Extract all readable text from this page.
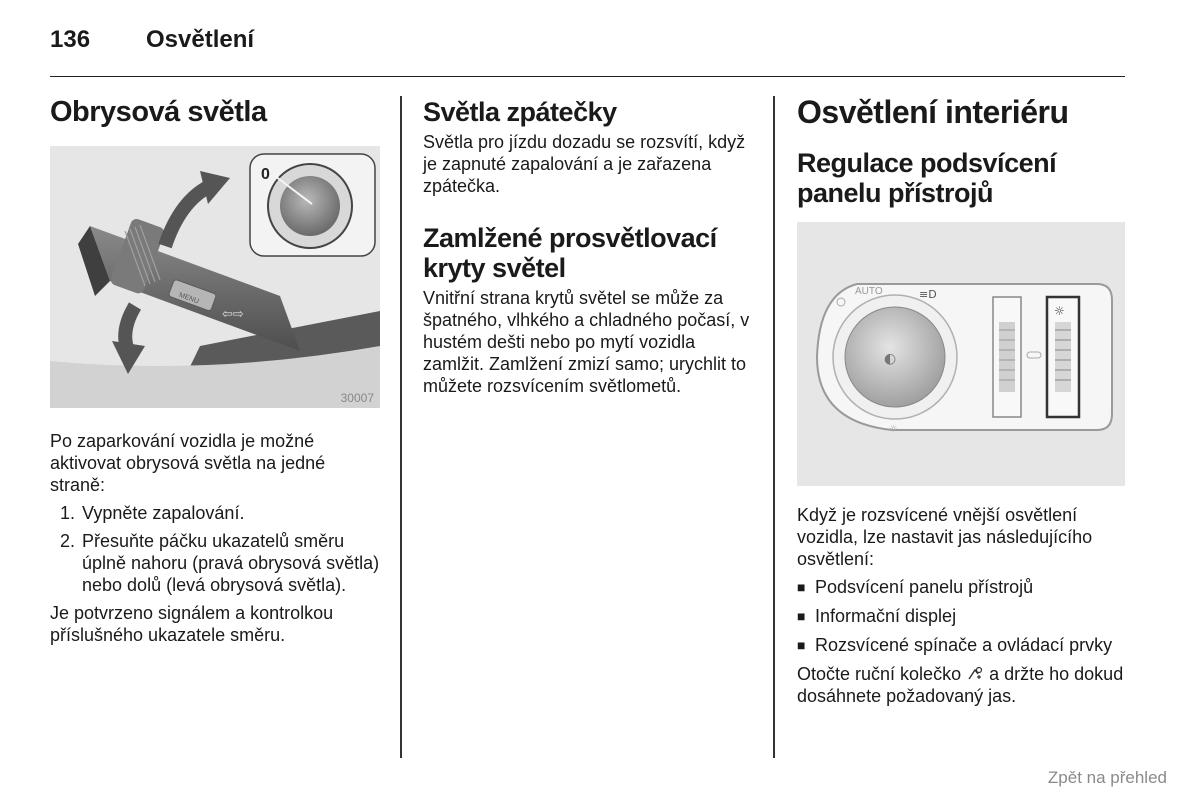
136 Osvětlení
Obrysová světla
MENU
⇦⇨
0
30007

Po zaparkování vozidla je možné aktivovat obrysová světla na jedné straně:

1. Vypněte zapalování.
2. Přesuňte páčku ukazatelů směru úplně nahoru (pravá obrysová světla) nebo dolů (levá obrysová světla).

Je potvrzeno signálem a kontrolkou příslušného ukazatele směru.

Světla zpátečky

Světla pro jízdu dozadu se rozsvítí, když je zapnuté zapalování a je zařazena zpátečka.

Zamlžené prosvětlovací kryty světel

Vnitřní strana krytů světel se může za špatného, vlhkého a chladného počasí, v hustém dešti nebo po mytí vozidla zamlžit. Zamlžení zmizí samo; urychlit to můžete rozsvícením světlometů.

Osvětlení interiéru
Regulace podsvícení panelu přístrojů
◐
AUTO	≡D
☼
☼

Když je rozsvícené vnější osvětlení vozidla, lze nastavit jas následujícího osvětlení:

■ Podsvícení panelu přístrojů
■ Informační displej
■ Rozsvícené spínače a ovládací prvky

Otočte ruční kolečko a držte ho dokud dosáhnete požadovaný jas.

Zpět na přehled
